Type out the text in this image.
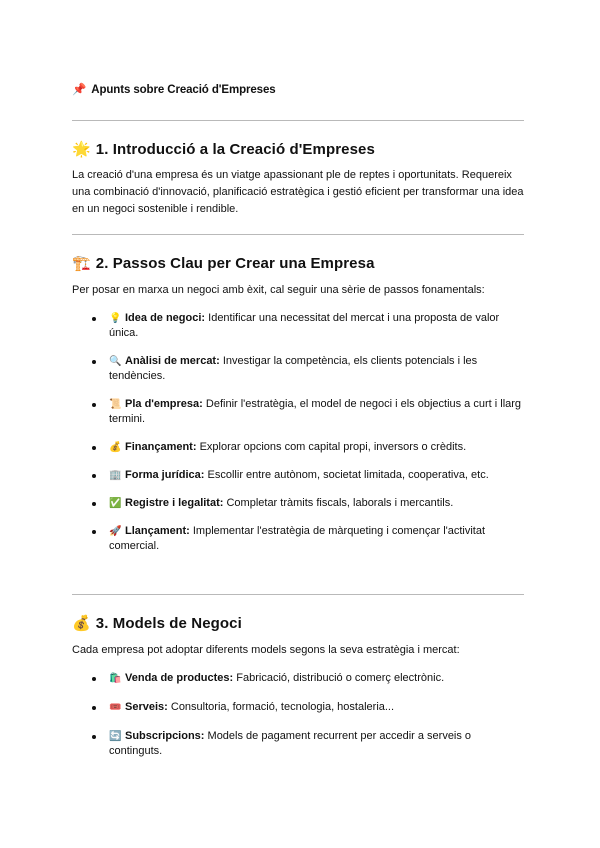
📌 Apunts sobre Creació d'Empreses
🌟 1. Introducció a la Creació d'Empreses
La creació d'una empresa és un viatge apassionant ple de reptes i oportunitats. Requereix una combinació d'innovació, planificació estratègica i gestió eficient per transformar una idea en un negoci sostenible i rendible.
🏗️ 2. Passos Clau per Crear una Empresa
Per posar en marxa un negoci amb èxit, cal seguir una sèrie de passos fonamentals:
💡 Idea de negoci: Identificar una necessitat del mercat i una proposta de valor única.
🔍 Anàlisi de mercat: Investigar la competència, els clients potencials i les tendències.
📜 Pla d'empresa: Definir l'estratègia, el model de negoci i els objectius a curt i llarg termini.
💰 Finançament: Explorar opcions com capital propi, inversors o crèdits.
🏢 Forma jurídica: Escollir entre autònom, societat limitada, cooperativa, etc.
✅ Registre i legalitat: Completar tràmits fiscals, laborals i mercantils.
🚀 Llançament: Implementar l'estratègia de màrqueting i començar l'activitat comercial.
💰 3. Models de Negoci
Cada empresa pot adoptar diferents models segons la seva estratègia i mercat:
🛍️ Venda de productes: Fabricació, distribució o comerç electrònic.
🎟️ Serveis: Consultoria, formació, tecnologia, hostaleria...
🔄 Subscripcions: Models de pagament recurrent per accedir a serveis o continguts.
